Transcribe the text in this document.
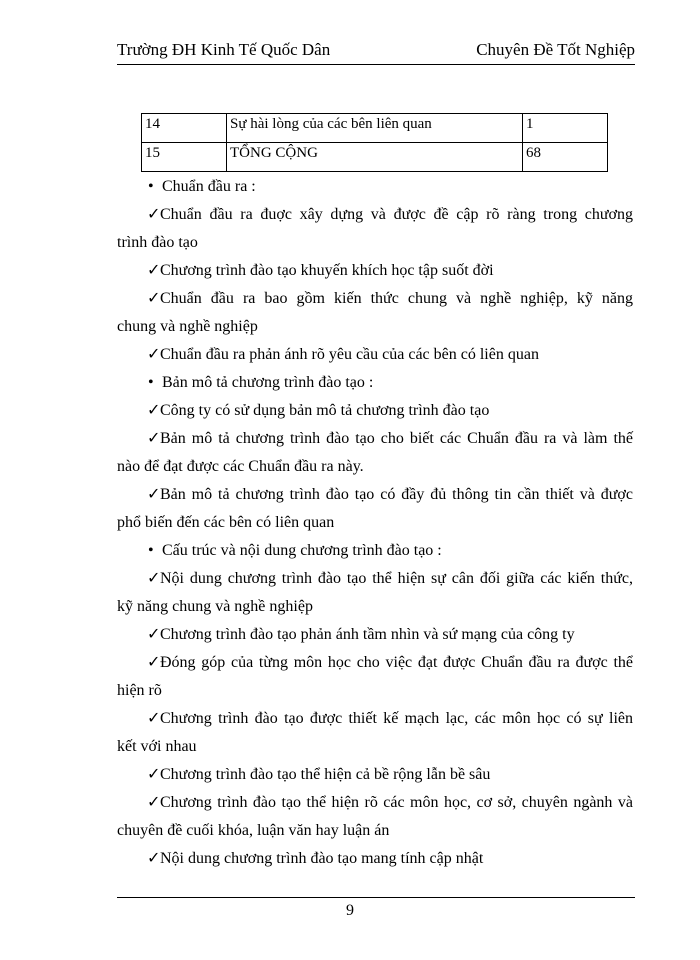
Trường ĐH Kinh Tế Quốc Dân	Chuyên Đề Tốt Nghiệp
14	Sự hài lòng của các bên liên quan	1
15	TỔNG CỘNG	68
• Chuẩn đầu ra :
✓Chuẩn đầu ra đuợc xây dựng và được đề cập rõ ràng trong chương
trình đào tạo
✓Chương trình đào tạo khuyến khích học tập suốt đời
✓Chuẩn đầu ra bao gồm kiến thức chung và nghề nghiệp, kỹ năng
chung và nghề nghiệp
✓Chuẩn đầu ra phản ánh rõ yêu cầu của các bên có liên quan
• Bản mô tả chương trình đào tạo :
✓Công ty có sử dụng bản mô tả chương trình đào tạo
✓Bản mô tả chương trình đào tạo cho biết các Chuẩn đầu ra và làm thế
nào để đạt được các Chuẩn đầu ra này.
✓Bản mô tả chương trình đào tạo có đầy đủ thông tin cần thiết và được
phổ biến đến các bên có liên quan
• Cấu trúc và nội dung chương trình đào tạo :
✓Nội dung chương trình đào tạo thể hiện sự cân đối giữa các kiến thức,
kỹ năng chung và nghề nghiệp
✓Chương trình đào tạo phản ánh tầm nhìn và sứ mạng của công ty
✓Đóng góp của từng môn học cho việc đạt được Chuẩn đầu ra được thể
hiện rõ
✓Chương trình đào tạo được thiết kế mạch lạc, các môn học có sự liên
kết với nhau
✓Chương trình đào tạo thể hiện cả bề rộng lẫn bề sâu
✓Chương trình đào tạo thể hiện rõ các môn học, cơ sở, chuyên ngành và
chuyên đề cuối khóa, luận văn hay luận án
✓Nội dung chương trình đào tạo mang tính cập nhật
9
